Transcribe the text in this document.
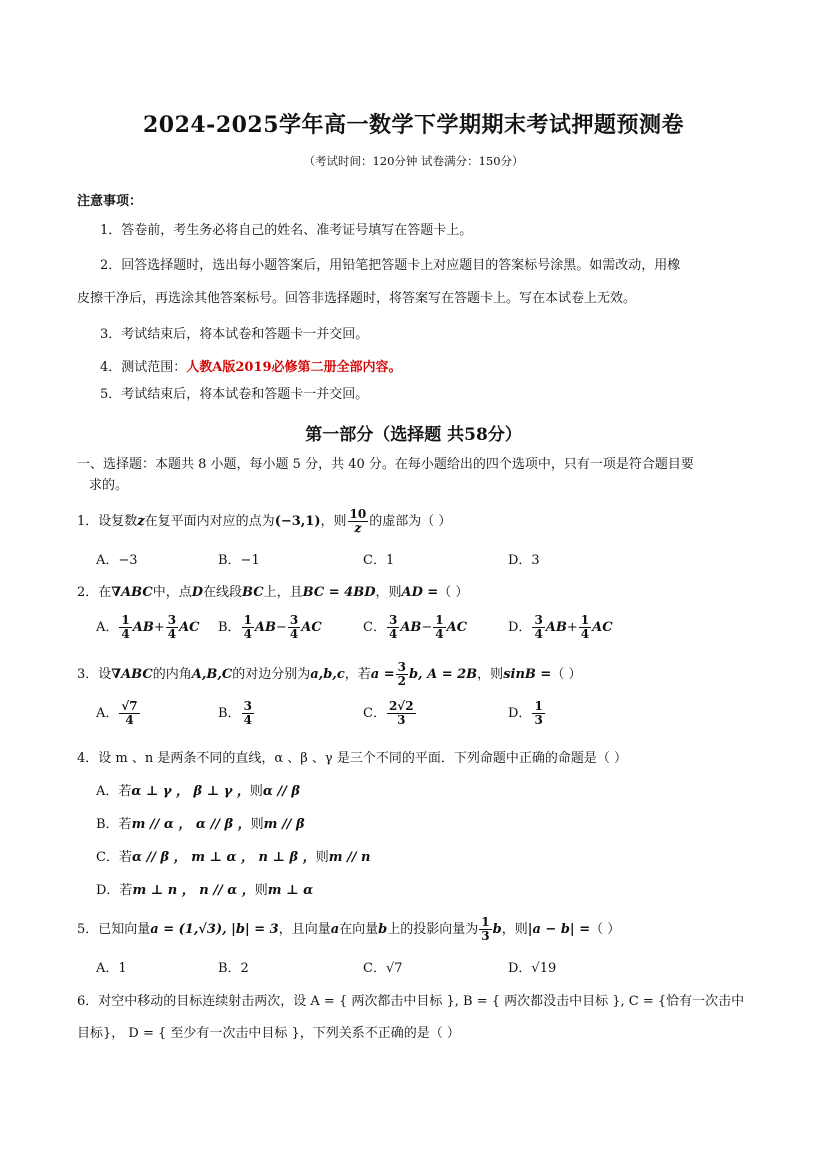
2024-2025学年高一数学下学期期末考试押题预测卷
（考试时间：120分钟 试卷满分：150分）
注意事项：
1．答卷前，考生务必将自己的姓名、准考证号填写在答题卡上。
2．回答选择题时，选出每小题答案后，用铅笔把答题卡上对应题目的答案标号涂黑。如需改动，用橡
皮擦干净后，再选涂其他答案标号。回答非选择题时，将答案写在答题卡上。写在本试卷上无效。
3．考试结束后，将本试卷和答题卡一并交回。
4．测试范围：人教A版2019必修第二册全部内容。
5．考试结束后，将本试卷和答题卡一并交回。
第一部分（选择题 共58分）
一、选择题：本题共 8 小题，每小题 5 分，共 40 分。在每小题给出的四个选项中，只有一项是符合题目要
求的。
1．设复数z在复平面内对应的点为(−3,1)，则 $\frac{10}{z}$ 的虚部为（ ）
A．−3	B．−1	C．1	D．3
2．在∇ABC中，点D在线段BC上，且BC = 4BD，则AD =（ ）
A． $\frac{1}{4} AB+ \frac{3}{4}$ AC B． $\frac{1}{4} AB- \frac{3}{4}$ AC	C． $\frac{3}{4} AB- \frac{1}{4}$ AC	D． $\frac{3}{4} AB+ \frac{1}{4}$ AC
3．设∇ABC的内角A,B,C的对边分别为a,b,c，若$a = \frac{3}{2} b$, A = 2B，则sinB =（ ）
A． $\frac{√7}{4}$	B． $\frac{3}{4}$	C． $\frac{2√2}{3}$	D． $\frac{1}{3}$
4．设 m 、n 是两条不同的直线，α 、β 、γ 是三个不同的平面．下列命题中正确的命题是（ ）
A．若α ⊥ γ ， β ⊥ γ ，则α // β
B．若m // α ， α // β ，则m // β
C．若α // β ， m ⊥ α ， n ⊥ β ，则m // n
D．若m ⊥ n ， n // α ，则m ⊥ α
5．已知向量a = (1,√3), |b| = 3，且向量a在向量b上的投影向量为 $\frac{1}{3}$ b，则|a − b| =（ ）
A．1	B．2	C．√7	D．√19
6．对空中移动的目标连续射击两次，设 A = { 两次都击中目标 }, B = { 两次都没击中目标 }, C = {恰有一次击中
目标}， D = { 至少有一次击中目标 }，下列关系不正确的是（ ）
